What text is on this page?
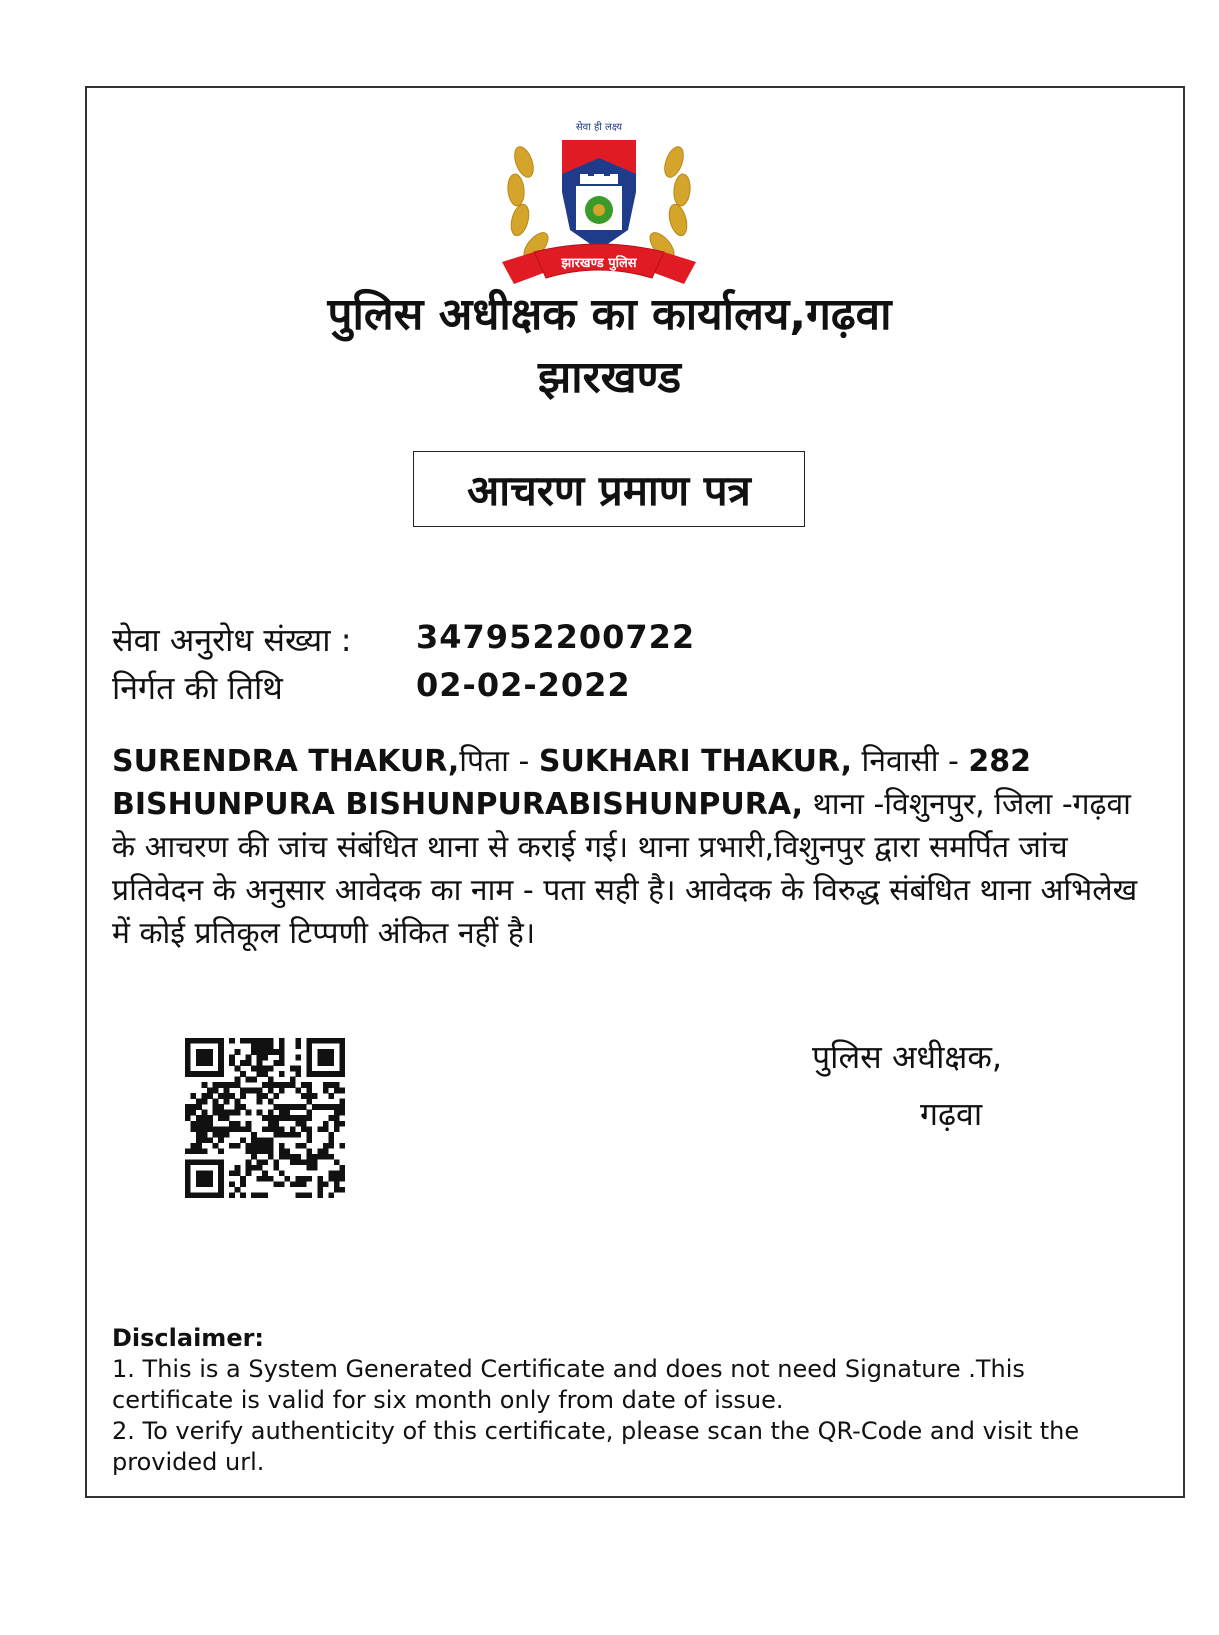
सेवा ही लक्ष्य
झारखण्ड पुलिस
पुलिस अधीक्षक का कार्यालय,गढ़वा
झारखण्ड
आचरण प्रमाण पत्र
सेवा अनुरोध संख्या : 347952200722
निर्गत की तिथि	02-02-2022
SURENDRA THAKUR,पिता - SUKHARI THAKUR, निवासी - 282 BISHUNPURA BISHUNPURABISHUNPURA, थाना -विशुनपुर, जिला -गढ़वा के आचरण की जांच संबंधित थाना से कराई गई। थाना प्रभारी,विशुनपुर द्वारा समर्पित जांच प्रतिवेदन के अनुसार आवेदक का नाम - पता सही है। आवेदक के विरुद्ध संबंधित थाना अभिलेख में कोई प्रतिकूल टिप्पणी अंकित नहीं है।
पुलिस अधीक्षक,
गढ़वा
Disclaimer:
1. This is a System Generated Certificate and does not need Signature .This certificate is valid for six month only from date of issue.
2. To verify authenticity of this certificate, please scan the QR-Code and visit the provided url.
